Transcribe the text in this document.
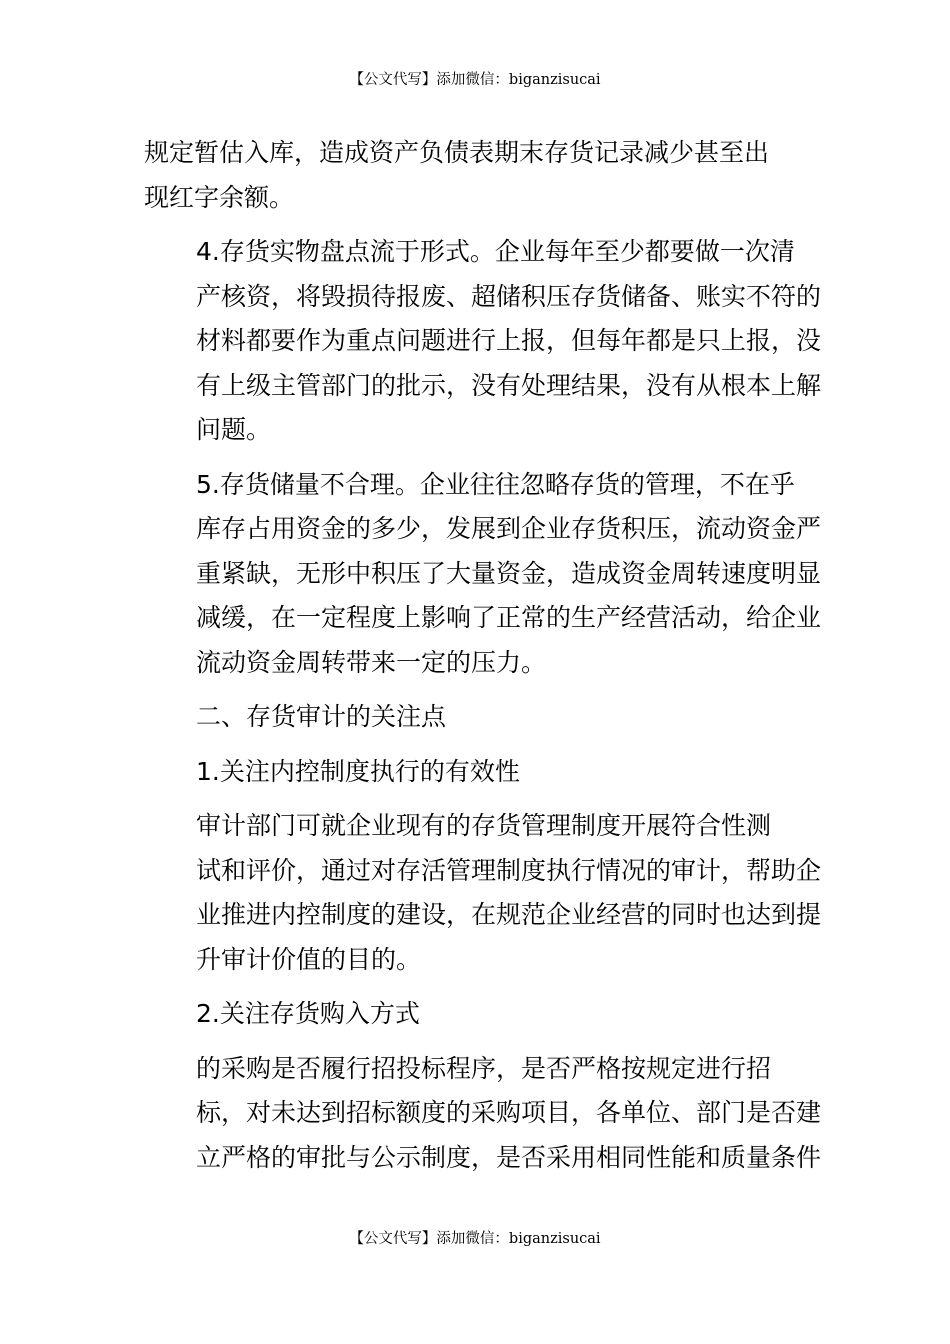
【公文代写】添加微信：biganzisucai
规定暂估入库，造成资产负债表期末存货记录减少甚至出
现红字余额。
4.存货实物盘点流于形式。企业每年至少都要做一次清
产核资，将毁损待报废、超储积压存货储备、账实不符的
材料都要作为重点问题进行上报，但每年都是只上报，没
有上级主管部门的批示，没有处理结果，没有从根本上解
问题。
5.存货储量不合理。企业往往忽略存货的管理，不在乎
库存占用资金的多少，发展到企业存货积压，流动资金严
重紧缺，无形中积压了大量资金，造成资金周转速度明显
减缓，在一定程度上影响了正常的生产经营活动，给企业
流动资金周转带来一定的压力。
二、存货审计的关注点
1.关注内控制度执行的有效性
审计部门可就企业现有的存货管理制度开展符合性测
试和评价，通过对存活管理制度执行情况的审计，帮助企
业推进内控制度的建设，在规范企业经营的同时也达到提
升审计价值的目的。
2.关注存货购入方式
的采购是否履行招投标程序，是否严格按规定进行招
标，对未达到招标额度的采购项目，各单位、部门是否建
立严格的审批与公示制度，是否采用相同性能和质量条件
【公文代写】添加微信：biganzisucai
